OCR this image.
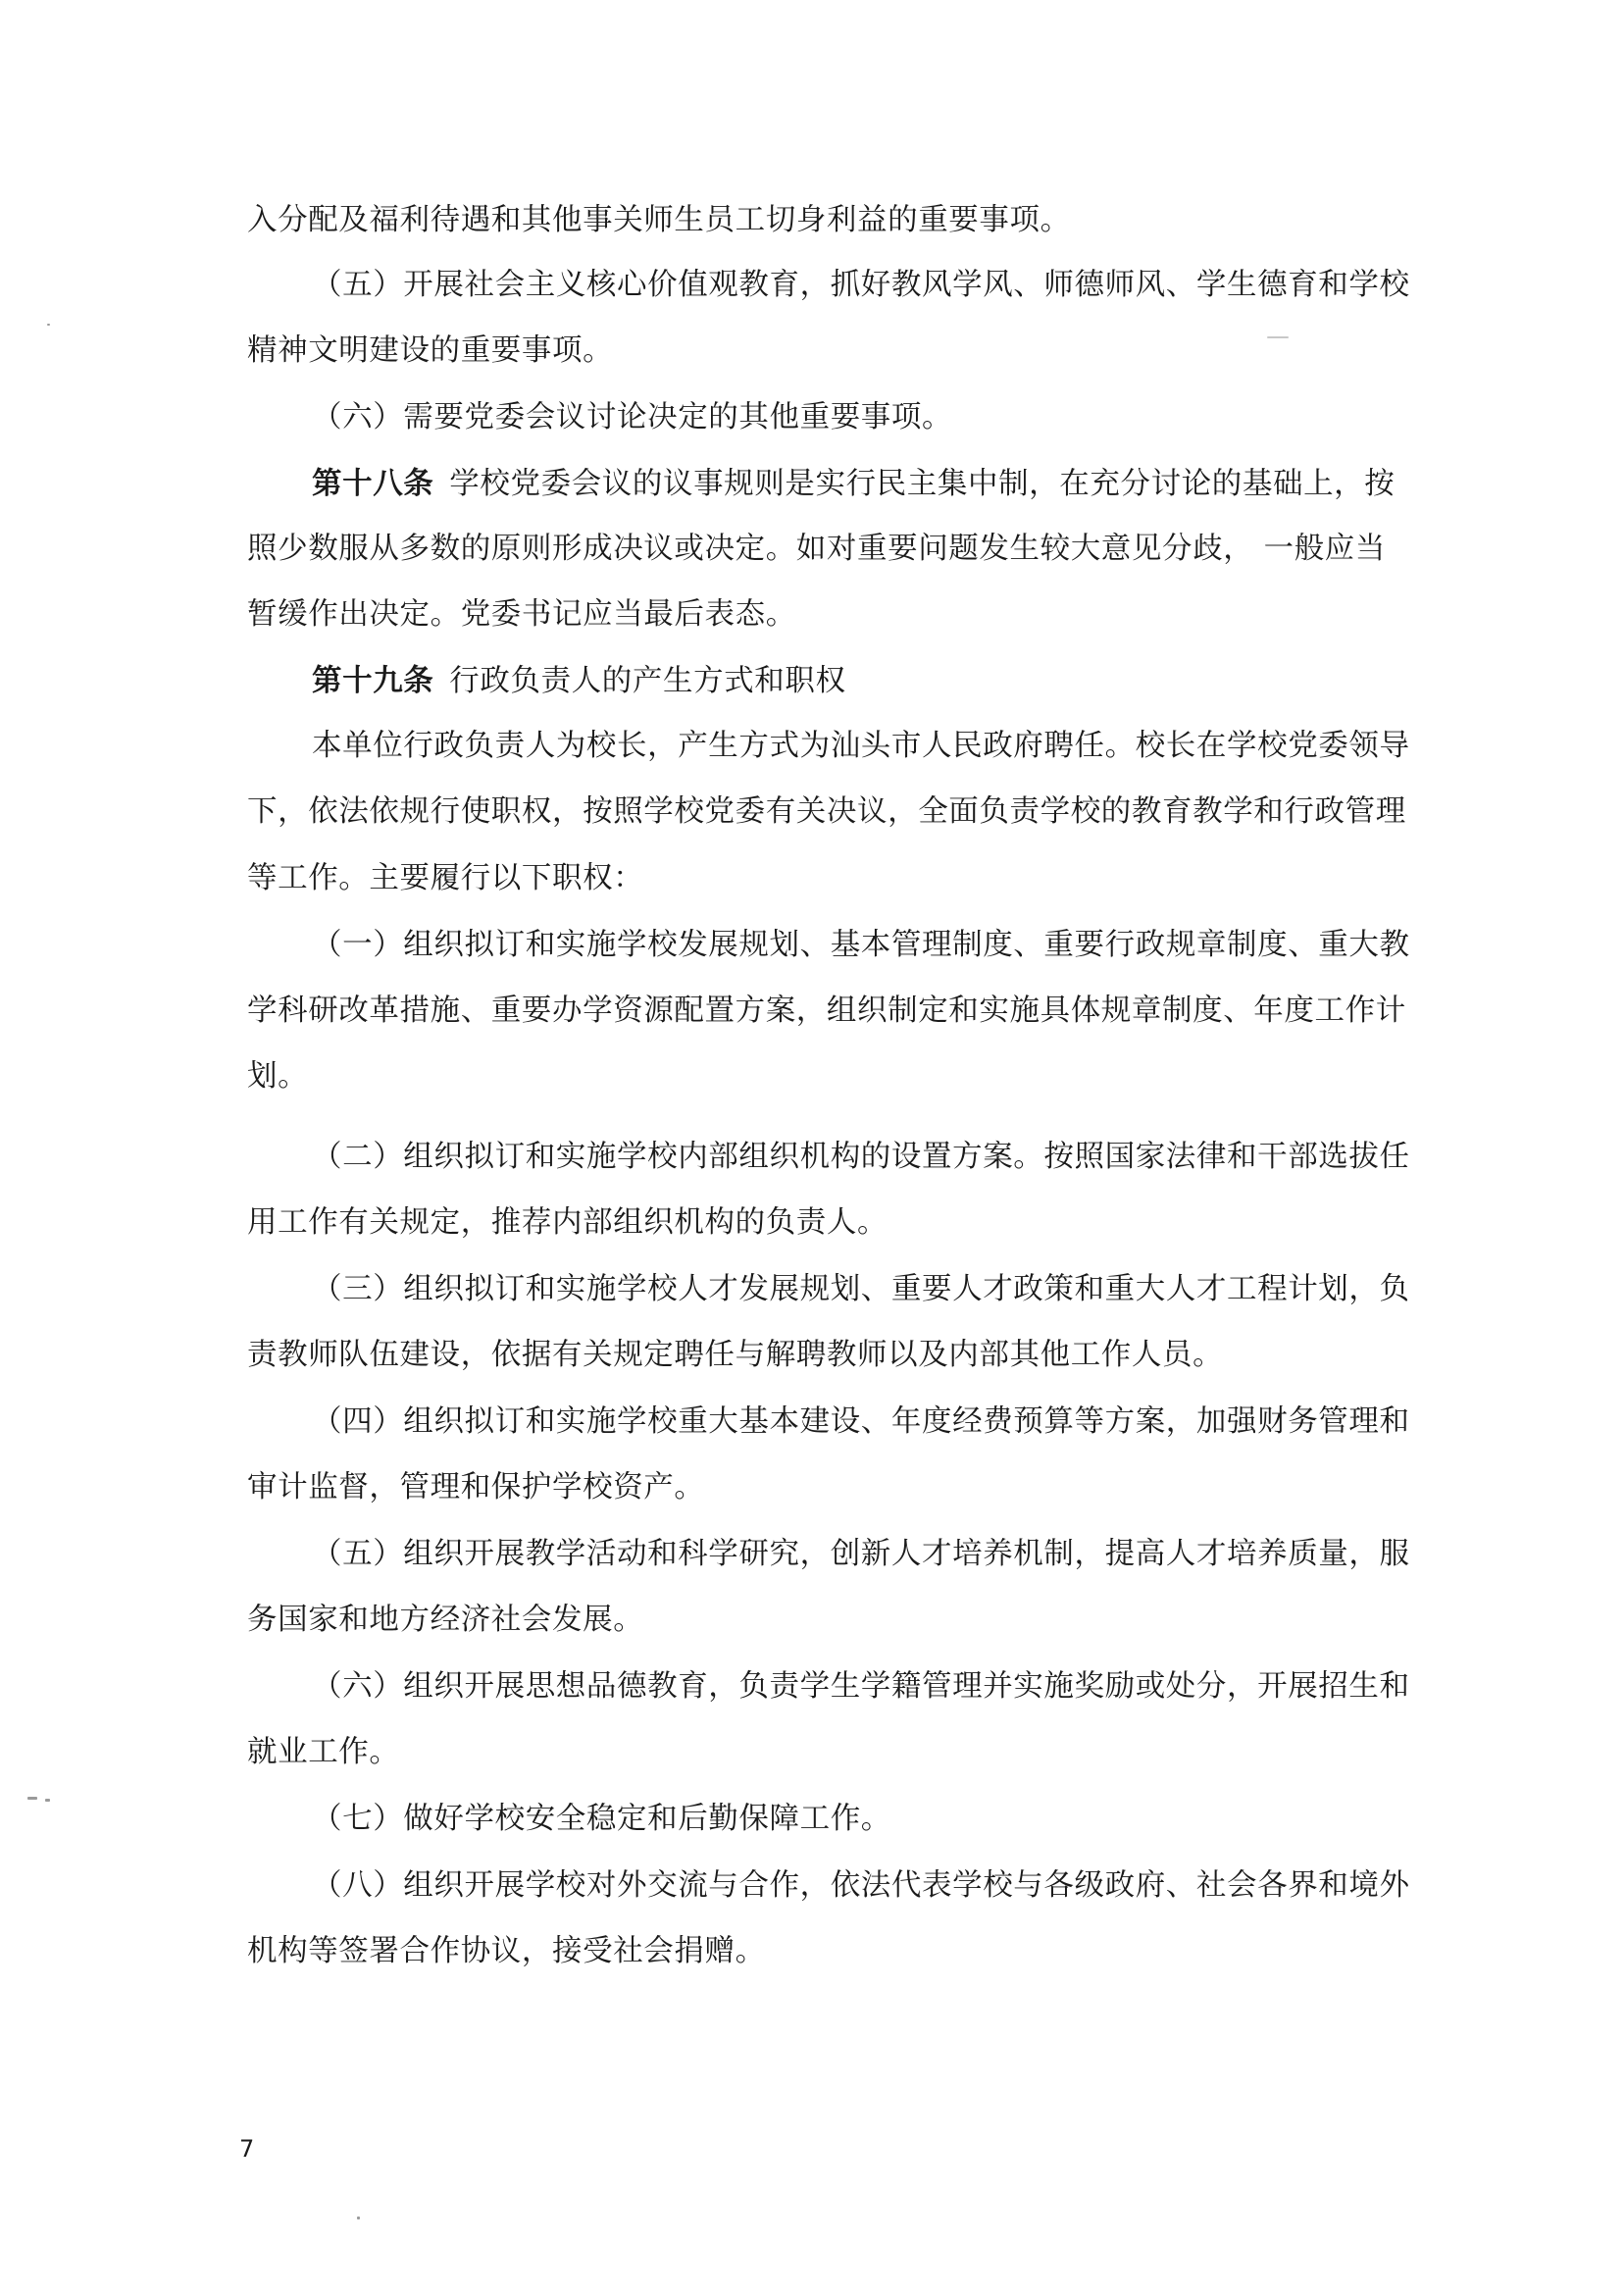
入分配及福利待遇和其他事关师生员工切身利益的重要事项。
（五）开展社会主义核心价值观教育，抓好教风学风、师德师风、学生德育和学校
精神文明建设的重要事项。
（六）需要党委会议讨论决定的其他重要事项。
第十八条  学校党委会议的议事规则是实行民主集中制，在充分讨论的基础上，按
照少数服从多数的原则形成决议或决定。如对重要问题发生较大意见分歧， 一般应当
暂缓作出决定。党委书记应当最后表态。
第十九条  行政负责人的产生方式和职权
本单位行政负责人为校长，产生方式为汕头市人民政府聘任。校长在学校党委领导
下，依法依规行使职权，按照学校党委有关决议，全面负责学校的教育教学和行政管理
等工作。主要履行以下职权：
（一）组织拟订和实施学校发展规划、基本管理制度、重要行政规章制度、重大教
学科研改革措施、重要办学资源配置方案，组织制定和实施具体规章制度、年度工作计
划。
（二）组织拟订和实施学校内部组织机构的设置方案。按照国家法律和干部选拔任
用工作有关规定，推荐内部组织机构的负责人。
（三）组织拟订和实施学校人才发展规划、重要人才政策和重大人才工程计划，负
责教师队伍建设，依据有关规定聘任与解聘教师以及内部其他工作人员。
（四）组织拟订和实施学校重大基本建设、年度经费预算等方案，加强财务管理和
审计监督，管理和保护学校资产。
（五）组织开展教学活动和科学研究，创新人才培养机制，提高人才培养质量，服
务国家和地方经济社会发展。
（六）组织开展思想品德教育，负责学生学籍管理并实施奖励或处分，开展招生和
就业工作。
（七）做好学校安全稳定和后勤保障工作。
（八）组织开展学校对外交流与合作，依法代表学校与各级政府、社会各界和境外
机构等签署合作协议，接受社会捐赠。
7
